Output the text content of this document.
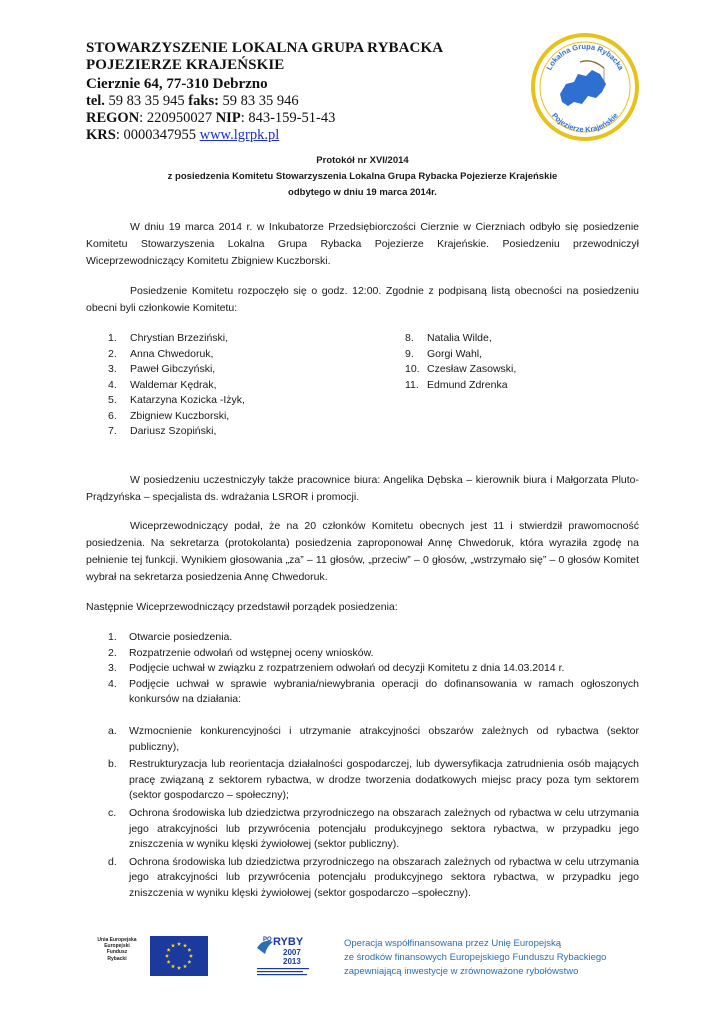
STOWARZYSZENIE LOKALNA GRUPA RYBACKA
POJEZIERZE KRAJEŃSKIE
Cierznie 64, 77-310 Debrzno
tel. 59 83 35 945 faks: 59 83 35 946
REGON: 220950027 NIP: 843-159-51-43
KRS: 0000347955 www.lgrpk.pl
Lokalna Grupa Rybacka
Pojezierze Krajeńskie
Protokół nr XVI/2014
z posiedzenia Komitetu Stowarzyszenia Lokalna Grupa Rybacka Pojezierze Krajeńskie
odbytego w dniu 19 marca 2014r.
W dniu 19 marca 2014 r. w Inkubatorze Przedsiębiorczości Cierznie w Cierzniach odbyło się posiedzenie Komitetu Stowarzyszenia Lokalna Grupa Rybacka Pojezierze Krajeńskie. Posiedzeniu przewodniczył Wiceprzewodniczący Komitetu Zbigniew Kuczborski.
Posiedzenie Komitetu rozpoczęło się o godz. 12:00. Zgodnie z podpisaną listą obecności na posiedzeniu obecni byli członkowie Komitetu:
1. Chrystian Brzeziński,
2. Anna Chwedoruk,
3. Paweł Gibczyński,
4. Waldemar Kędrak,
5. Katarzyna Kozicka -Iżyk,
6. Zbigniew Kuczborski,
7. Dariusz Szopiński,
8. Natalia Wilde,
9. Gorgi Wahl,
10. Czesław Zasowski,
11. Edmund Zdrenka
W posiedzeniu uczestniczyły także pracownice biura: Angelika Dębska – kierownik biura i Małgorzata Pluto-Prądzyńska – specjalista ds. wdrażania LSROR i promocji.
Wiceprzewodniczący podał, że na 20 członków Komitetu obecnych jest 11 i stwierdził prawomocność posiedzenia. Na sekretarza (protokolanta) posiedzenia zaproponował Annę Chwedoruk, która wyraziła zgodę na pełnienie tej funkcji. Wynikiem głosowania „za” – 11 głosów, „przeciw” – 0 głosów, „wstrzymało się” – 0 głosów Komitet wybrał na sekretarza posiedzenia Annę Chwedoruk.
Następnie Wiceprzewodniczący przedstawił porządek posiedzenia:
1. Otwarcie posiedzenia.
2. Rozpatrzenie odwołań od wstępnej oceny wniosków.
3. Podjęcie uchwał w związku z rozpatrzeniem odwołań od decyzji Komitetu z dnia 14.03.2014 r.
4. Podjęcie uchwał w sprawie wybrania/niewybrania operacji do dofinansowania w ramach ogłoszonych konkursów na działania:
a. Wzmocnienie konkurencyjności i utrzymanie atrakcyjności obszarów zależnych od rybactwa (sektor publiczny),
b. Restrukturyzacja lub reorientacja działalności gospodarczej, lub dywersyfikacja zatrudnienia osób mających pracę związaną z sektorem rybactwa, w drodze tworzenia dodatkowych miejsc pracy poza tym sektorem (sektor gospodarczo – społeczny);
c. Ochrona środowiska lub dziedzictwa przyrodniczego na obszarach zależnych od rybactwa w celu utrzymania jego atrakcyjności lub przywrócenia potencjału produkcyjnego sektora rybactwa, w przypadku jego zniszczenia w wyniku klęski żywiołowej (sektor publiczny).
d. Ochrona środowiska lub dziedzictwa przyrodniczego na obszarach zależnych od rybactwa w celu utrzymania jego atrakcyjności lub przywrócenia potencjału produkcyjnego sektora rybactwa, w przypadku jego zniszczenia w wyniku klęski żywiołowej (sektor gospodarczo –społeczny).
Unia Europejska
Europejski
Fundusz
Rybacki
PO RYBY
2007
2013
Operacja współfinansowana przez Unię Europejską
ze środków finansowych Europejskiego Funduszu Rybackiego
zapewniającą inwestycje w zrównoważone rybołówstwo
